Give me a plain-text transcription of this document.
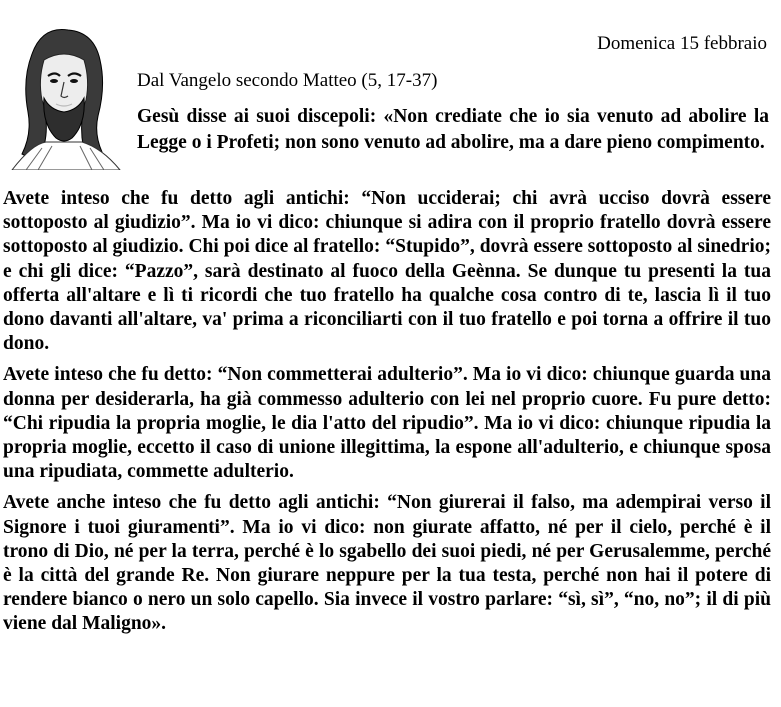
Domenica 15 febbraio
Dal Vangelo secondo Matteo (5, 17-37)

Gesù disse ai suoi discepoli: «Non crediate che io sia venuto ad abolire la Legge o i Profeti; non sono venuto ad abolire, ma a dare pieno compimento.

Avete inteso che fu detto agli antichi: “Non ucciderai; chi avrà ucciso dovrà essere sottoposto al giudizio”. Ma io vi dico: chiunque si adira con il proprio fratello dovrà essere sottoposto al giudizio. Chi poi dice al fratello: “Stupido”, dovrà essere sottoposto al sinedrio; e chi gli dice: “Pazzo”, sarà destinato al fuoco della Geènna. Se dunque tu presenti la tua offerta all'altare e lì ti ricordi che tuo fratello ha qualche cosa contro di te, lascia lì il tuo dono davanti all'altare, va' prima a riconciliarti con il tuo fratello e poi torna a offrire il tuo dono.

Avete inteso che fu detto: “Non commetterai adulterio”. Ma io vi dico: chiunque guarda una donna per desiderarla, ha già commesso adulterio con lei nel proprio cuore. Fu pure detto: “Chi ripudia la propria moglie, le dia l'atto del ripudio”. Ma io vi dico: chiunque ripudia la propria moglie, eccetto il caso di unione illegittima, la espone all'adulterio, e chiunque sposa una ripudiata, commette adulterio.

Avete anche inteso che fu detto agli antichi: “Non giurerai il falso, ma adempirai verso il Signore i tuoi giuramenti”. Ma io vi dico: non giurate affatto, né per il cielo, perché è il trono di Dio, né per la terra, perché è lo sgabello dei suoi piedi, né per Gerusalemme, perché è la città del grande Re. Non giurare neppure per la tua testa, perché non hai il potere di rendere bianco o nero un solo capello. Sia invece il vostro parlare: “sì, sì”, “no, no”; il di più viene dal Maligno».
